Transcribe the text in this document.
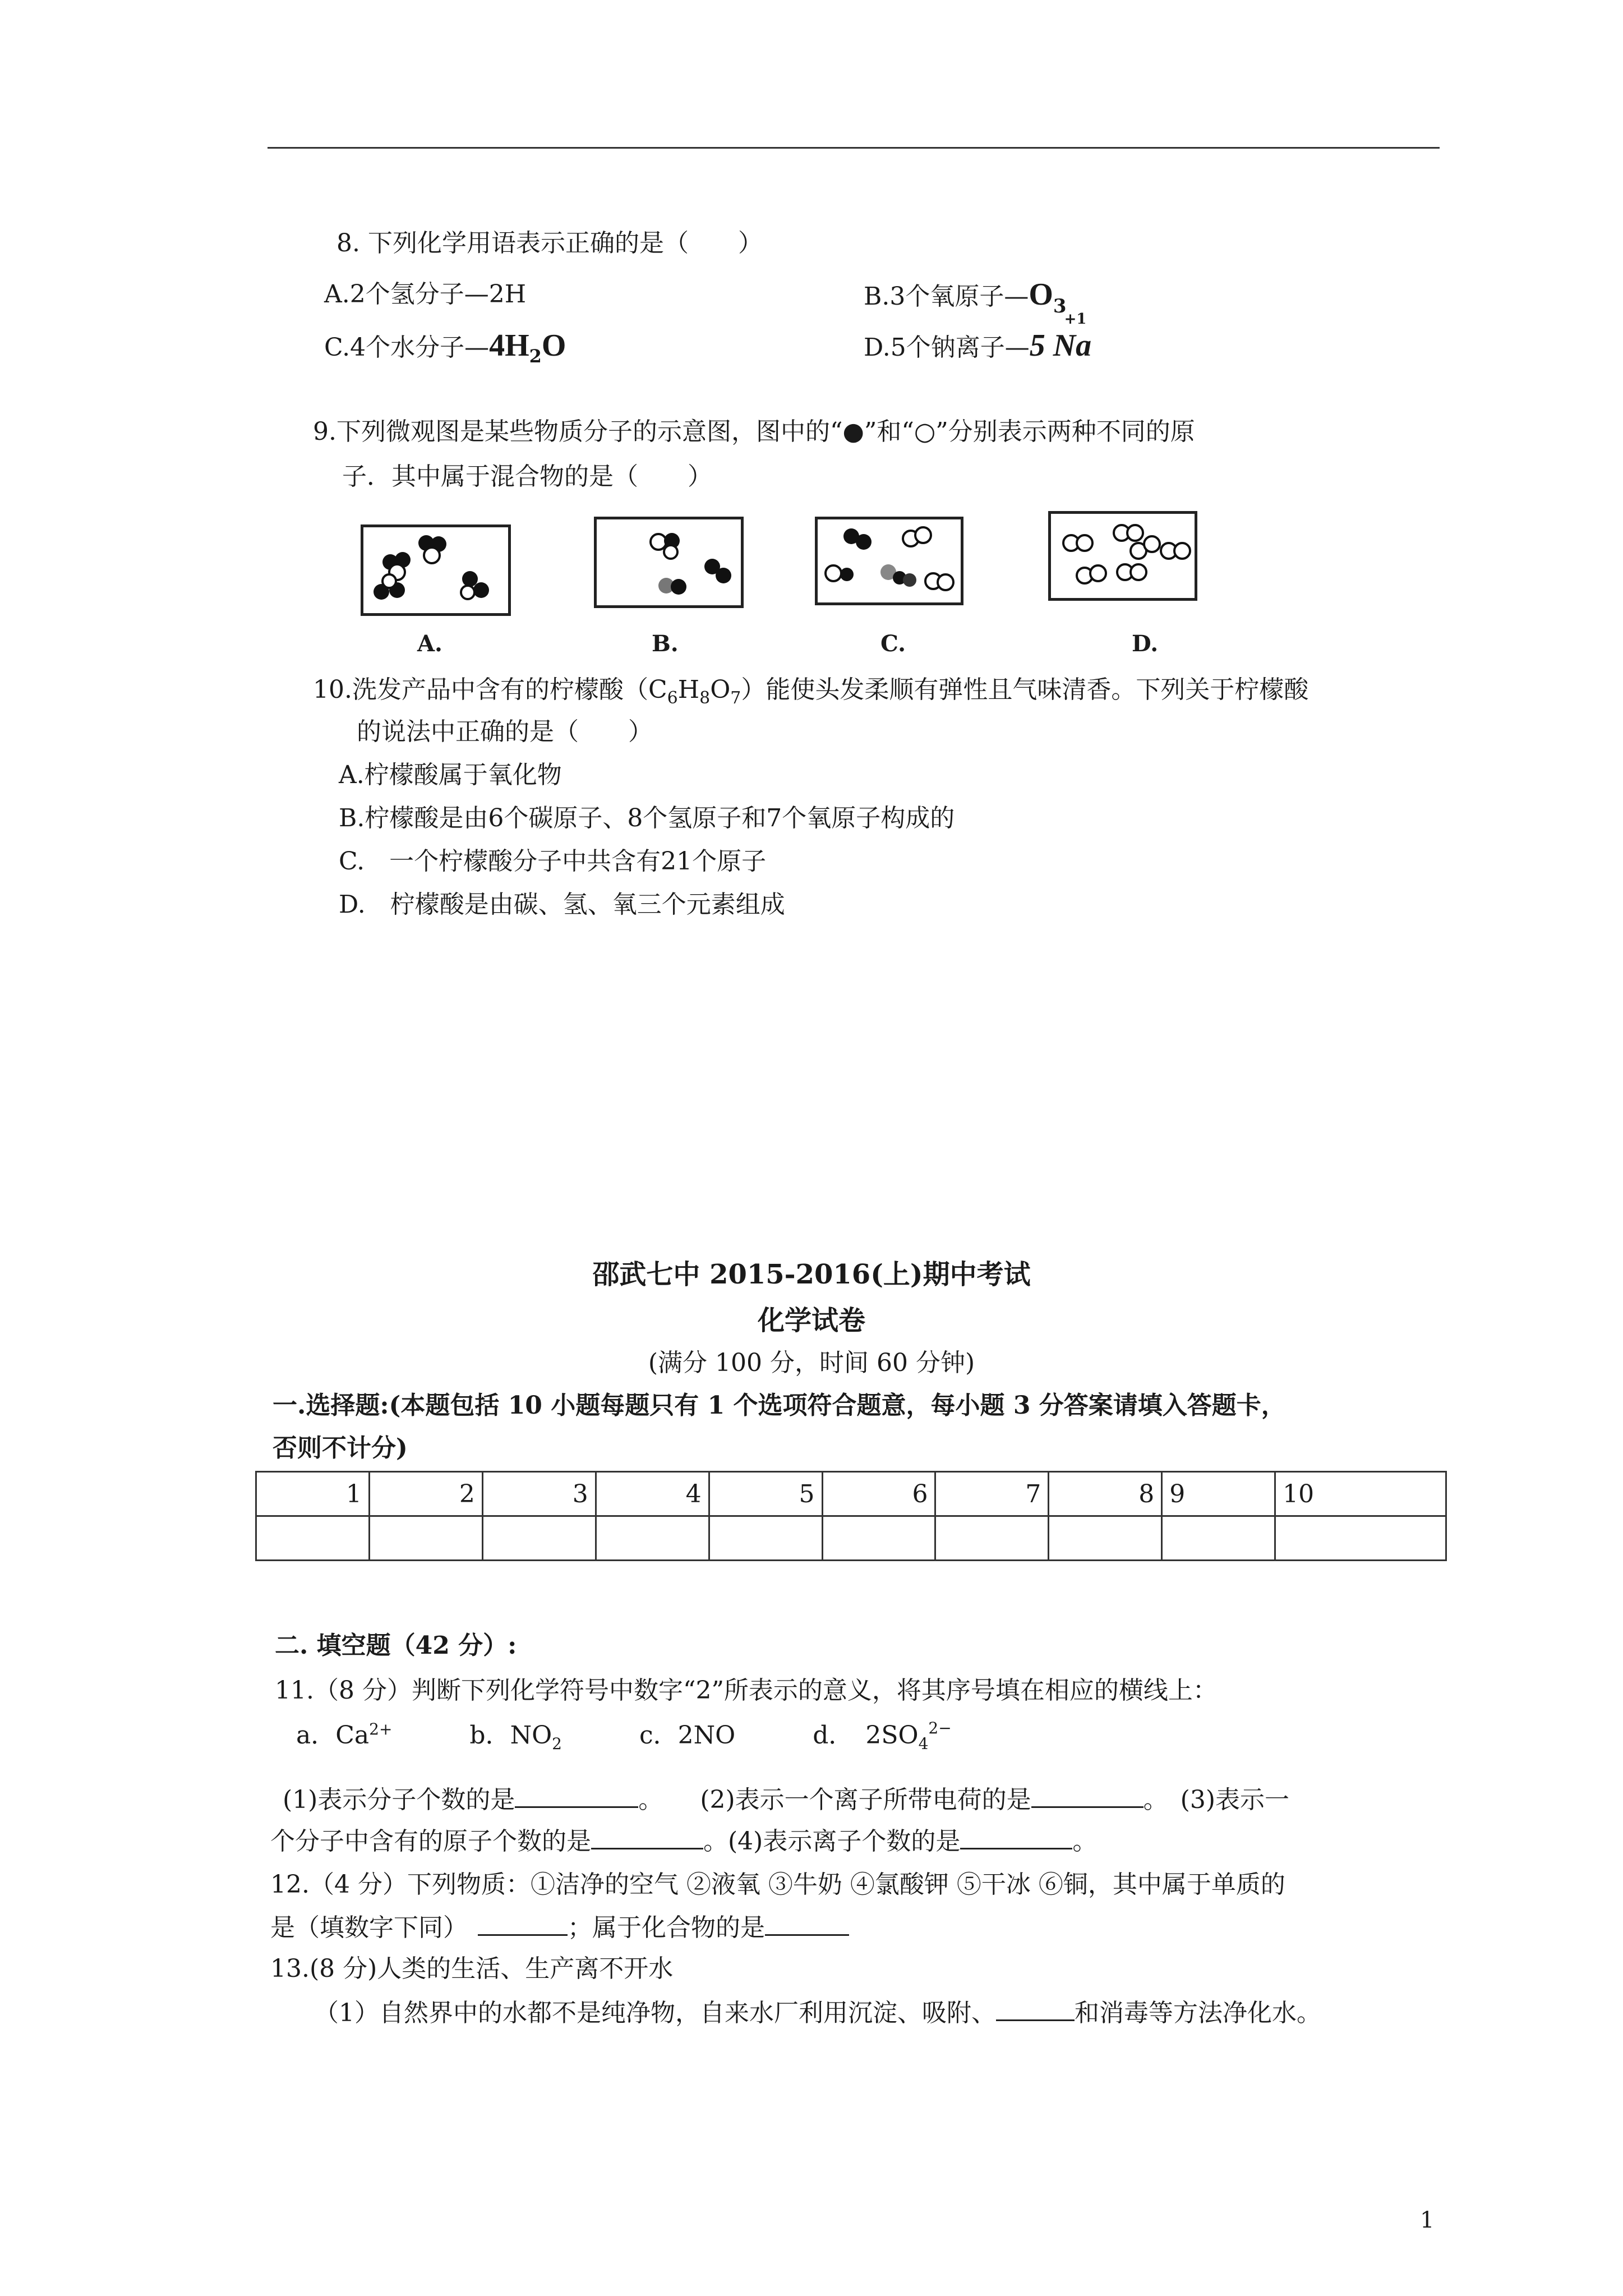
8. 下列化学用语表示正确的是（　　）
A.2个氢分子—2H	B.3个氧原子$—O_{3+1}$
C.4个水分子$—4H_2O$	D.5个钠离子—5 Na
9.下列微观图是某些物质分子的示意图，图中的“●”和“○”分别表示两种不同的原
子．其中属于混合物的是（　　）
A.	B.	C.	D.
10.洗发产品中含有的柠檬酸$(C_6H_8O_7)$能使头发柔顺有弹性且气味清香。下列关于柠檬酸
的说法中正确的是（　　）
A.柠檬酸属于氧化物
B.柠檬酸是由6个碳原子、8个氢原子和7个氧原子构成的
C.　一个柠檬酸分子中共含有21个原子
D.　柠檬酸是由碳、氢、氧三个元素组成
邵武七中 2015-2016(上)期中考试
化学试卷
(满分 100 分，时间 60 分钟)
一.选择题:(本题包括 10 小题每题只有 1 个选项符合题意，每小题 3 分答案请填入答题卡，
否则不计分)
1	2	3	4	5	6	7	8	9	10

二. 填空题（42 分）:
11.（8 分）判断下列化学符号中数字“2”所表示的意义，将其序号填在相应的横线上：
a．$Ca^{2+}$	b．$NO_2$	c．2NO	d．　$2SO_4^{2-}$
(1)表示分子个数的是	。　　(2)表示一个离子所带电荷的是	。　(3)表示一
个分子中含有的原子个数的是	。(4)表示离子个数的是	。
12.（4 分）下列物质：①洁净的空气 ②液氧 ③牛奶 ④氯酸钾 ⑤干冰 ⑥铜，其中属于单质的
是（填数字下同）	；属于化合物的是
13.(8 分)人类的生活、生产离不开水
（1）自然界中的水都不是纯净物，自来水厂利用沉淀、吸附、	和消毒等方法净化水。
1
